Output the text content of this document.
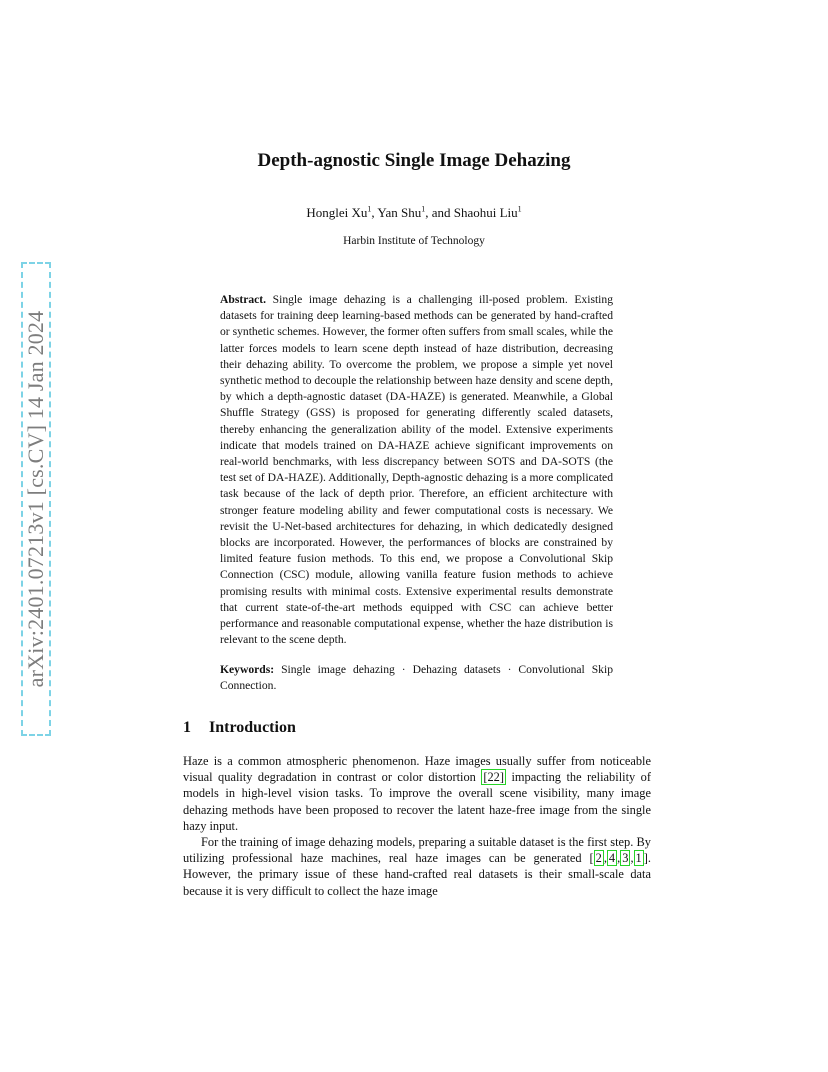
arXiv:2401.07213v1 [cs.CV] 14 Jan 2024
Depth-agnostic Single Image Dehazing
Honglei Xu$^1$, Yan Shu$^1$, and Shaohui Liu$^1$
Harbin Institute of Technology
Abstract. Single image dehazing is a challenging ill-posed problem. Existing datasets for training deep learning-based methods can be generated by hand-crafted or synthetic schemes. However, the former often suffers from small scales, while the latter forces models to learn scene depth instead of haze distribution, decreasing their dehazing ability. To overcome the problem, we propose a simple yet novel synthetic method to decouple the relationship between haze density and scene depth, by which a depth-agnostic dataset (DA-HAZE) is generated. Meanwhile, a Global Shuffle Strategy (GSS) is proposed for generating differently scaled datasets, thereby enhancing the generalization ability of the model. Extensive experiments indicate that models trained on DA-HAZE achieve significant improvements on real-world benchmarks, with less discrepancy between SOTS and DA-SOTS (the test set of DA-HAZE). Additionally, Depth-agnostic dehazing is a more complicated task because of the lack of depth prior. Therefore, an efficient architecture with stronger feature modeling ability and fewer computational costs is necessary. We revisit the U-Net-based architectures for dehazing, in which dedicatedly designed blocks are incorporated. However, the performances of blocks are constrained by limited feature fusion methods. To this end, we propose a Convolutional Skip Connection (CSC) module, allowing vanilla feature fusion methods to achieve promising results with minimal costs. Extensive experimental results demonstrate that current state-of-the-art methods equipped with CSC can achieve better performance and reasonable computational expense, whether the haze distribution is relevant to the scene depth.
Keywords: Single image dehazing · Dehazing datasets · Convolutional Skip Connection.
1 Introduction

Haze is a common atmospheric phenomenon. Haze images usually suffer from noticeable visual quality degradation in contrast or color distortion [22] impacting the reliability of models in high-level vision tasks. To improve the overall scene visibility, many image dehazing methods have been proposed to recover the latent haze-free image from the single hazy input.

For the training of image dehazing models, preparing a suitable dataset is the first step. By utilizing professional haze machines, real haze images can be generated [ 2 , 4 , 3 , 1 ]. However, the primary issue of these hand-crafted real datasets is their small-scale data because it is very difficult to collect the haze image
